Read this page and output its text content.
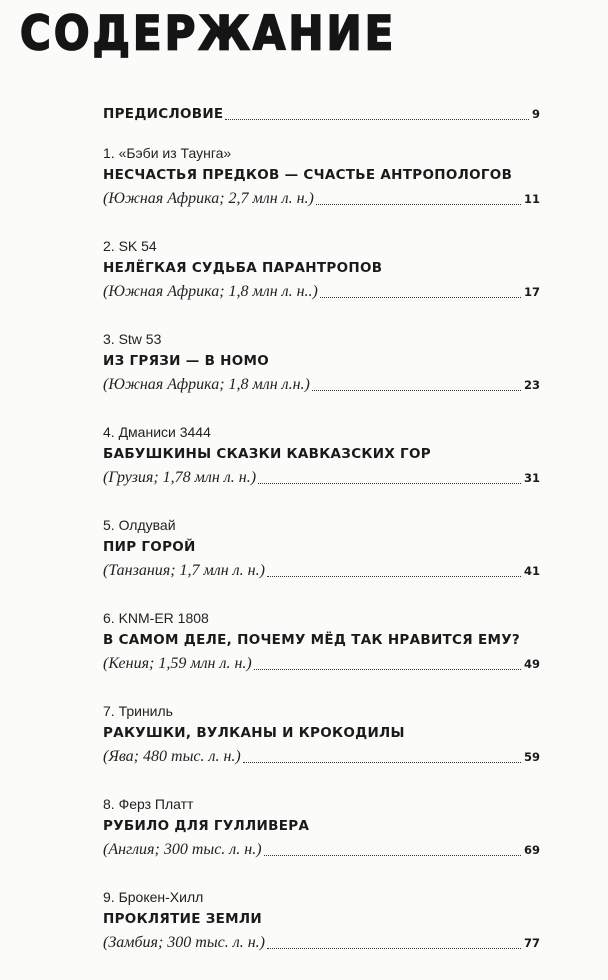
СОДЕРЖАНИЕ
ПРЕДИСЛОВИЕ	9
1. «Бэби из Таунга»
НЕСЧАСТЬЯ ПРЕДКОВ — СЧАСТЬЕ АНТРОПОЛОГОВ
(Южная Африка; 2,7 млн л. н.)	11
2. SK 54
НЕЛЁГКАЯ СУДЬБА ПАРАНТРОПОВ
(Южная Африка; 1,8 млн л. н..)	17
3. Stw 53
ИЗ ГРЯЗИ — В HOMO
(Южная Африка; 1,8 млн л.н.)	23
4. Дманиси 3444
БАБУШКИНЫ СКАЗКИ КАВКАЗСКИХ ГОР
(Грузия; 1,78 млн л. н.)	31
5. Олдувай
ПИР ГОРОЙ
(Танзания; 1,7 млн л. н.)	41
6. KNM-ER 1808
В САМОМ ДЕЛЕ, ПОЧЕМУ МЁД ТАК НРАВИТСЯ ЕМУ?
(Кения; 1,59 млн л. н.)	49
7. Триниль
РАКУШКИ, ВУЛКАНЫ И КРОКОДИЛЫ
(Ява; 480 тыс. л. н.)	59
8. Ферз Платт
РУБИЛО ДЛЯ ГУЛЛИВЕРА
(Англия; 300 тыс. л. н.)	69
9. Брокен-Хилл
ПРОКЛЯТИЕ ЗЕМЛИ
(Замбия; 300 тыс. л. н.)	77
